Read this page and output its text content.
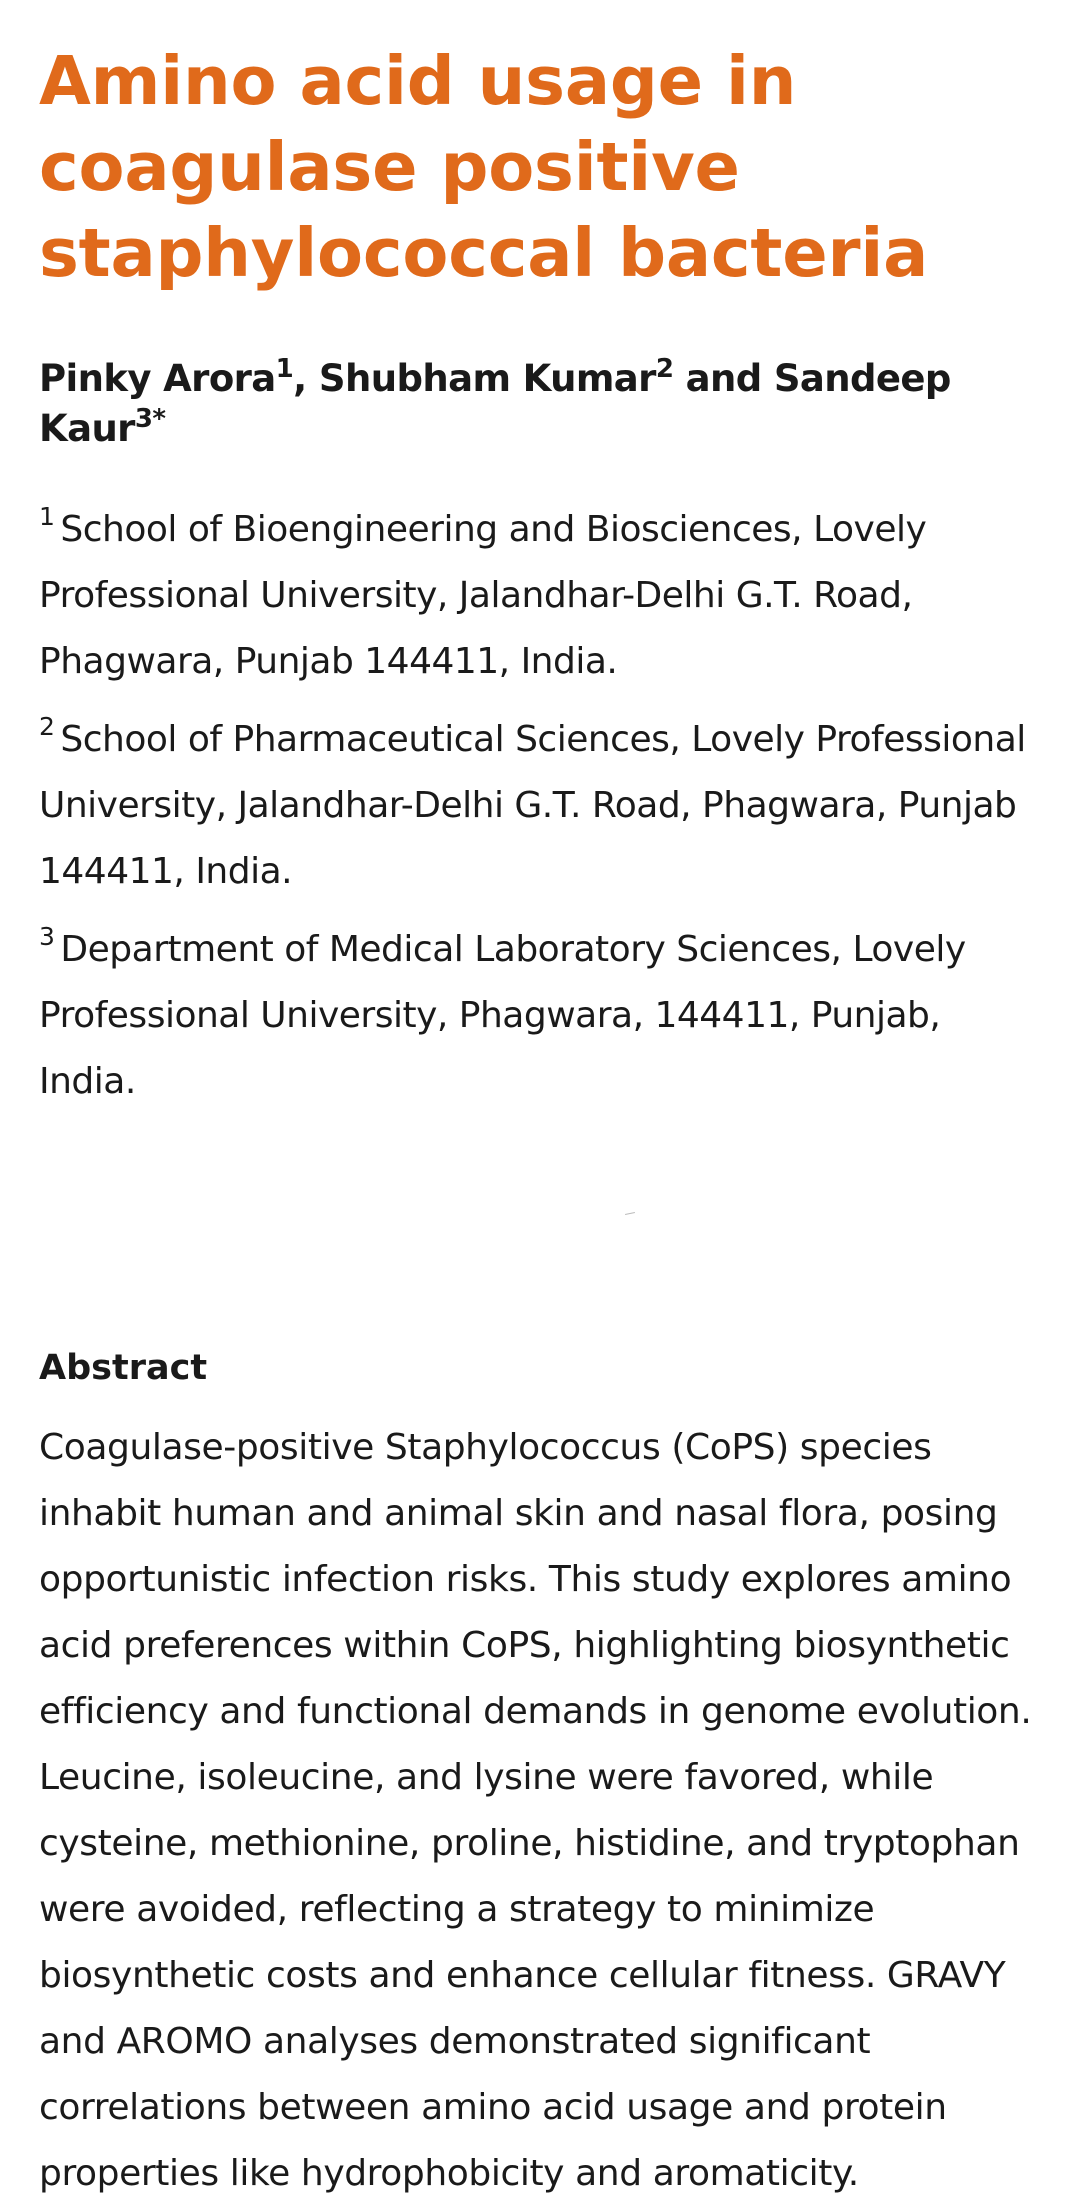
Amino acid usage in coagulase positive staphylococcal bacteria

Pinky Arora$^1$, Shubham Kumar$^2$ and Sandeep Kaur$^{3*}$

$^1$ School of Bioengineering and Biosciences, Lovely Professional University, Jalandhar-Delhi G.T. Road, Phagwara, Punjab 144411, India.

$^2$ School of Pharmaceutical Sciences, Lovely Professional University, Jalandhar-Delhi G.T. Road, Phagwara, Punjab 144411, India.

$^3$ Department of Medical Laboratory Sciences, Lovely Professional University, Phagwara, 144411, Punjab, India.

Abstract

Coagulase-positive Staphylococcus (CoPS) species inhabit human and animal skin and nasal flora, posing opportunistic infection risks. This study explores amino acid preferences within CoPS, highlighting biosynthetic efficiency and functional demands in genome evolution. Leucine, isoleucine, and lysine were favored, while cysteine, methionine, proline, histidine, and tryptophan were avoided, reflecting a strategy to minimize biosynthetic costs and enhance cellular fitness. GRAVY and AROMO analyses demonstrated significant correlations between amino acid usage and protein properties like hydrophobicity and aromaticity.
